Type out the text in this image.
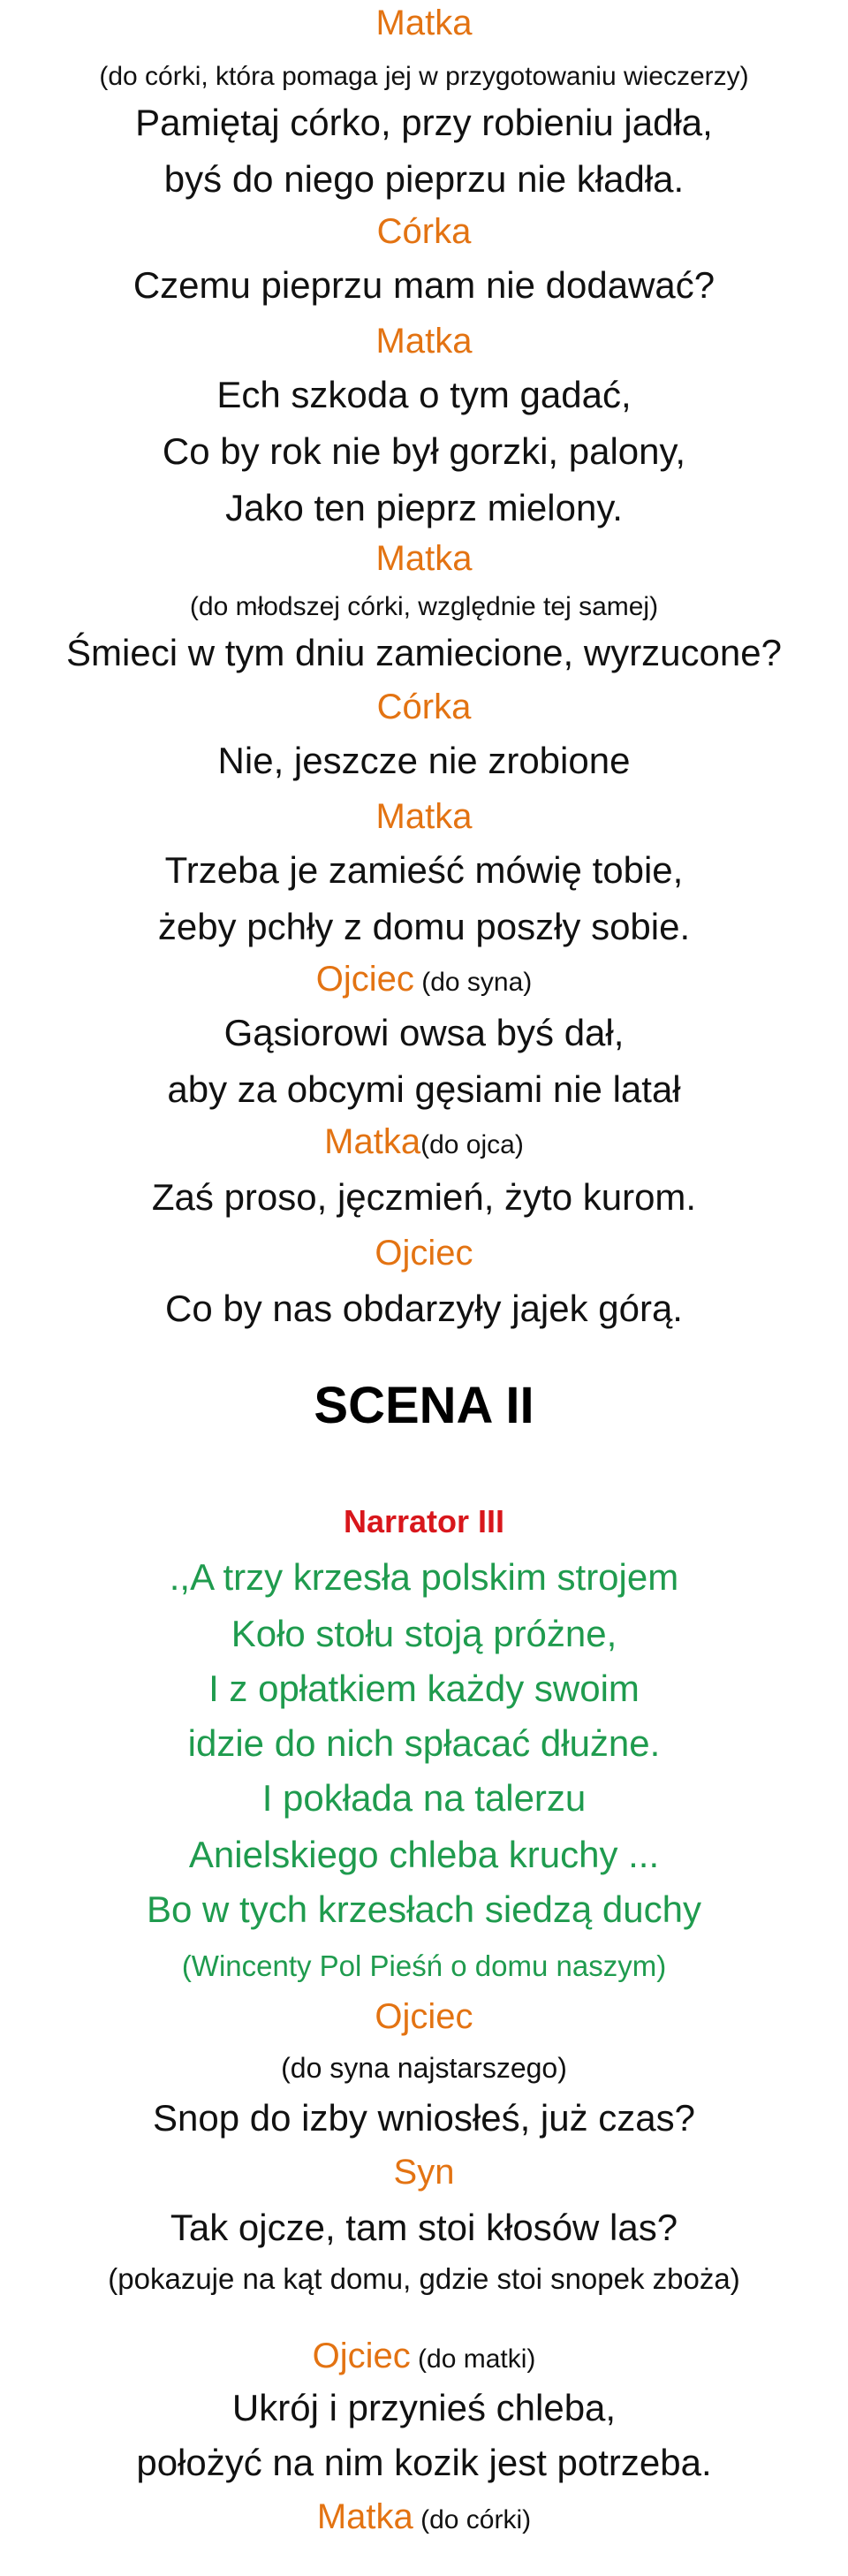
Matka
(do córki, która pomaga jej w przygotowaniu wieczerzy)
Pamiętaj córko, przy robieniu jadła,
byś do niego pieprzu nie kładła.
Córka
Czemu pieprzu mam nie dodawać?
Matka
Ech szkoda o tym gadać,
Co by rok nie był gorzki, palony,
Jako ten pieprz mielony.
Matka
(do młodszej córki, względnie tej samej)
Śmieci w tym dniu zamiecione, wyrzucone?
Córka
Nie, jeszcze nie zrobione
Matka
Trzeba je zamieść mówię tobie,
żeby pchły z domu poszły sobie.
Ojciec (do syna)
Gąsiorowi owsa byś dał,
aby za obcymi gęsiami nie latał
Matka(do ojca)
Zaś proso, jęczmień, żyto kurom.
Ojciec
Co by nas obdarzyły jajek górą.
SCENA II
Narrator III
.,A trzy krzesła polskim strojem
Koło stołu stoją próżne,
I z opłatkiem każdy swoim
idzie do nich spłacać dłużne.
I pokłada na talerzu
Anielskiego chleba kruchy ...
Bo w tych krzesłach siedzą duchy
(Wincenty Pol Pieśń o domu naszym)
Ojciec
(do syna najstarszego)
Snop do izby wniosłeś, już czas?
Syn
Tak ojcze, tam stoi kłosów las?
(pokazuje na kąt domu, gdzie stoi snopek zboża)
Ojciec (do matki)
Ukrój i przynieś chleba,
położyć na nim kozik jest potrzeba.
Matka (do córki)
